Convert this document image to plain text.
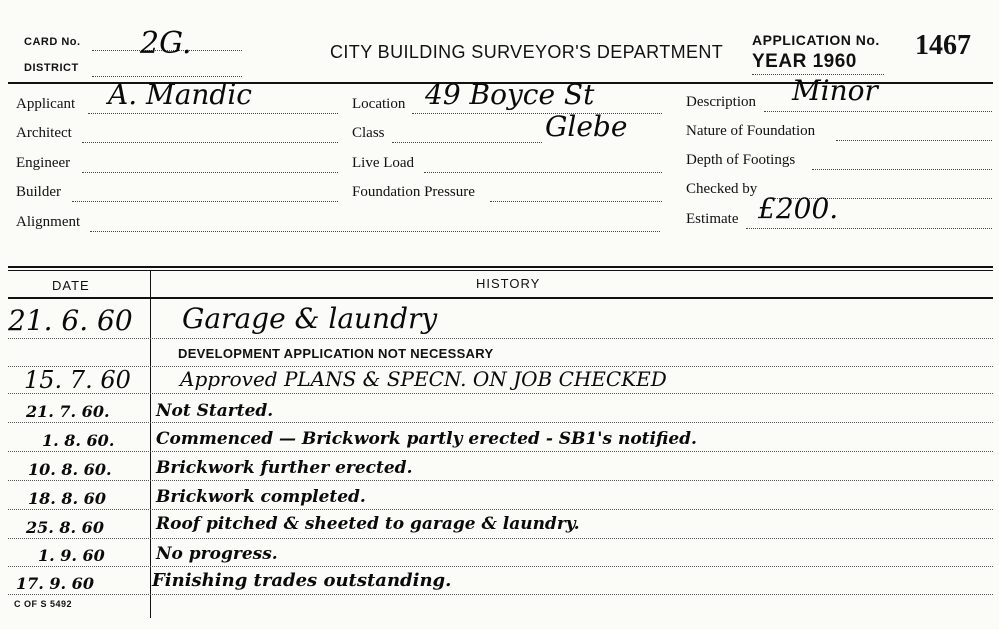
CARD No. 2G.
DISTRICT
CITY BUILDING SURVEYOR'S DEPARTMENT
APPLICATION No. 1467
YEAR 1960
Applicant A. Mandic
Architect
Engineer
Builder
Alignment
Location 49 Boyce St
Glebe
Class
Live Load
Foundation Pressure
Description Minor
Nature of Foundation
Depth of Footings
Checked by
Estimate £200.
DATE	HISTORY
21. 6. 60 Garage & laundry
DEVELOPMENT APPLICATION NOT NECESSARY
15. 7. 60 Approved PLANS & SPECN. ON JOB CHECKED
21. 7. 60.	Not Started.
1. 8. 60. Commenced — Brickwork partly erected - SB1's notified.
10. 8. 60.	Brickwork further erected.
18. 8. 60	Brickwork completed.
25. 8. 60	Roof pitched & sheeted to garage & laundry.
1. 9. 60	No progress.
17. 9. 60	Finishing trades outstanding.
C OF S 5492
